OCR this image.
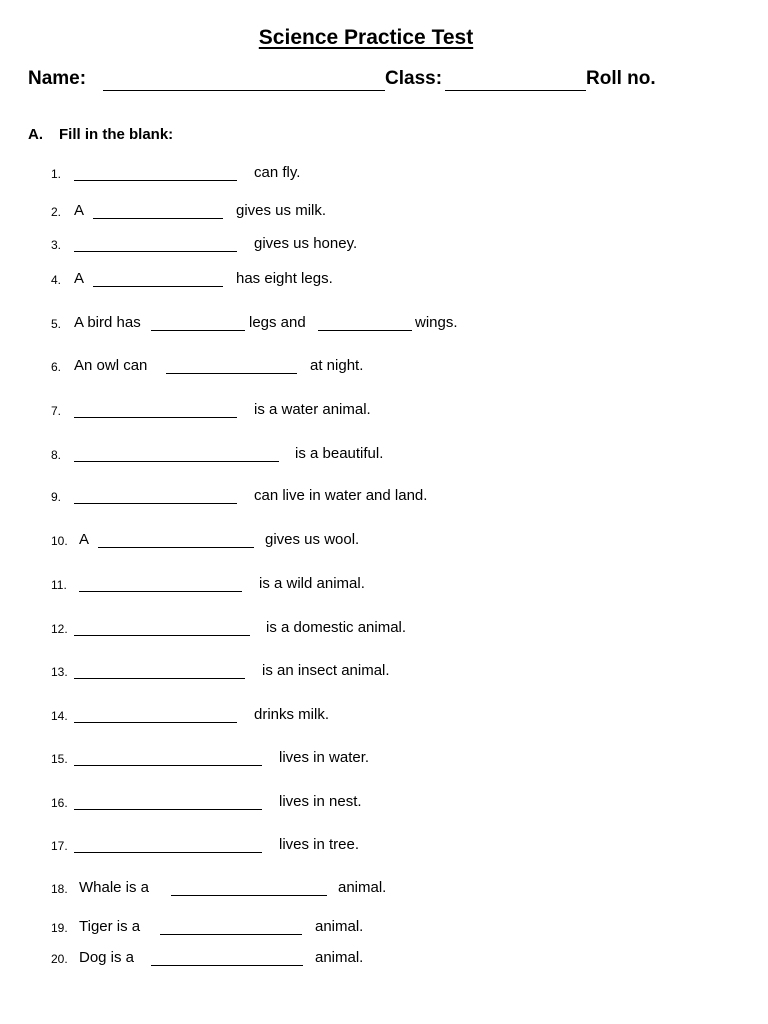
Science Practice Test
Name:	Class:	Roll no.
A. Fill in the blank:
1.	can fly.
2. A	gives us milk.
3.	gives us honey.
4. A	has eight legs.
5. A bird has	legs and	wings.
6. An owl can	at night.
7.	is a water animal.
8.	is a beautiful.
9.	can live in water and land.
10. A	gives us wool.
11.	is a wild animal.
12.	is a domestic animal.
13.	is an insect animal.
14.	drinks milk.
15.	lives in water.
16.	lives in nest.
17.	lives in tree.
18. Whale is a	animal.
19. Tiger is a	animal.
20. Dog is a	animal.
